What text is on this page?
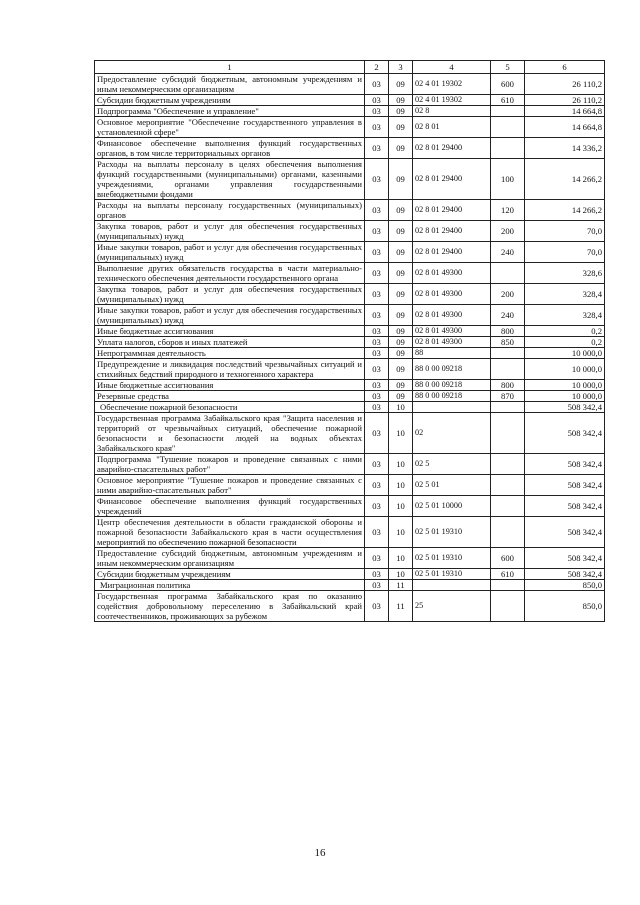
1	2	3	4	5	6
Предоставление субсидий бюджетным, автономным учреждениям и иным некоммерческим организациям	03	09	02 4 01 19302	600	26 110,2
Субсидии бюджетным учреждениям	03	09	02 4 01 19302	610	26 110,2
Подпрограмма "Обеспечение и управление"	03	09	02 8		14 664,8
Основное мероприятие "Обеспечение государственного управления в установленной сфере"	03	09	02 8 01		14 664,8
Финансовое обеспечение выполнения функций государственных органов, в том числе территориальных органов	03	09	02 8 01 29400		14 336,2
Расходы на выплаты персоналу в целях обеспечения выполнения функций государственными (муниципальными) органами, казенными учреждениями, органами управления государственными внебюджетными фондами	03	09	02 8 01 29400	100	14 266,2
Расходы на выплаты персоналу государственных (муниципальных) органов	03	09	02 8 01 29400	120	14 266,2
Закупка товаров, работ и услуг для обеспечения государственных (муниципальных) нужд	03	09	02 8 01 29400	200	70,0
Иные закупки товаров, работ и услуг для обеспечения государственных (муниципальных) нужд	03	09	02 8 01 29400	240	70,0
Выполнение других обязательств государства в части материально-технического обеспечения деятельности государственного органа	03	09	02 8 01 49300		328,6
Закупка товаров, работ и услуг для обеспечения государственных (муниципальных) нужд	03	09	02 8 01 49300	200	328,4
Иные закупки товаров, работ и услуг для обеспечения государственных (муниципальных) нужд	03	09	02 8 01 49300	240	328,4
Иные бюджетные ассигнования	03	09	02 8 01 49300	800	0,2
Уплата налогов, сборов и иных платежей	03	09	02 8 01 49300	850	0,2
Непрограммная деятельность	03	09	88		10 000,0
Предупреждение и ликвидация последствий чрезвычайных ситуаций и стихийных бедствий природного и техногенного характера	03	09	88 0 00 09218		10 000,0
Иные бюджетные ассигнования	03	09	88 0 00 09218	800	10 000,0
Резервные средства	03	09	88 0 00 09218	870	10 000,0
Обеспечение пожарной безопасности	03	10			508 342,4
Государственная программа Забайкальского края "Защита населения и территорий от чрезвычайных ситуаций, обеспечение пожарной безопасности и безопасности людей на водных объектах Забайкальского края"	03	10	02		508 342,4
Подпрограмма "Тушение пожаров и проведение связанных с ними аварийно-спасательных работ"	03	10	02 5		508 342,4
Основное мероприятие "Тушение пожаров и проведение связанных с ними аварийно-спасательных работ"	03	10	02 5 01		508 342,4
Финансовое обеспечение выполнения функций государственных учреждений	03	10	02 5 01 10000		508 342,4
Центр обеспечения деятельности в области гражданской обороны и пожарной безопасности Забайкальского края в части осуществления мероприятий по обеспечению пожарной безопасности	03	10	02 5 01 19310		508 342,4
Предоставление субсидий бюджетным, автономным учреждениям и иным некоммерческим организациям	03	10	02 5 01 19310	600	508 342,4
Субсидии бюджетным учреждениям	03	10	02 5 01 19310	610	508 342,4
Миграционная политика	03	11			850,0
Государственная программа Забайкальского края по оказанию содействия добровольному переселению в Забайкальский край соотечественников, проживающих за рубежом	03	11	25		850,0
16
